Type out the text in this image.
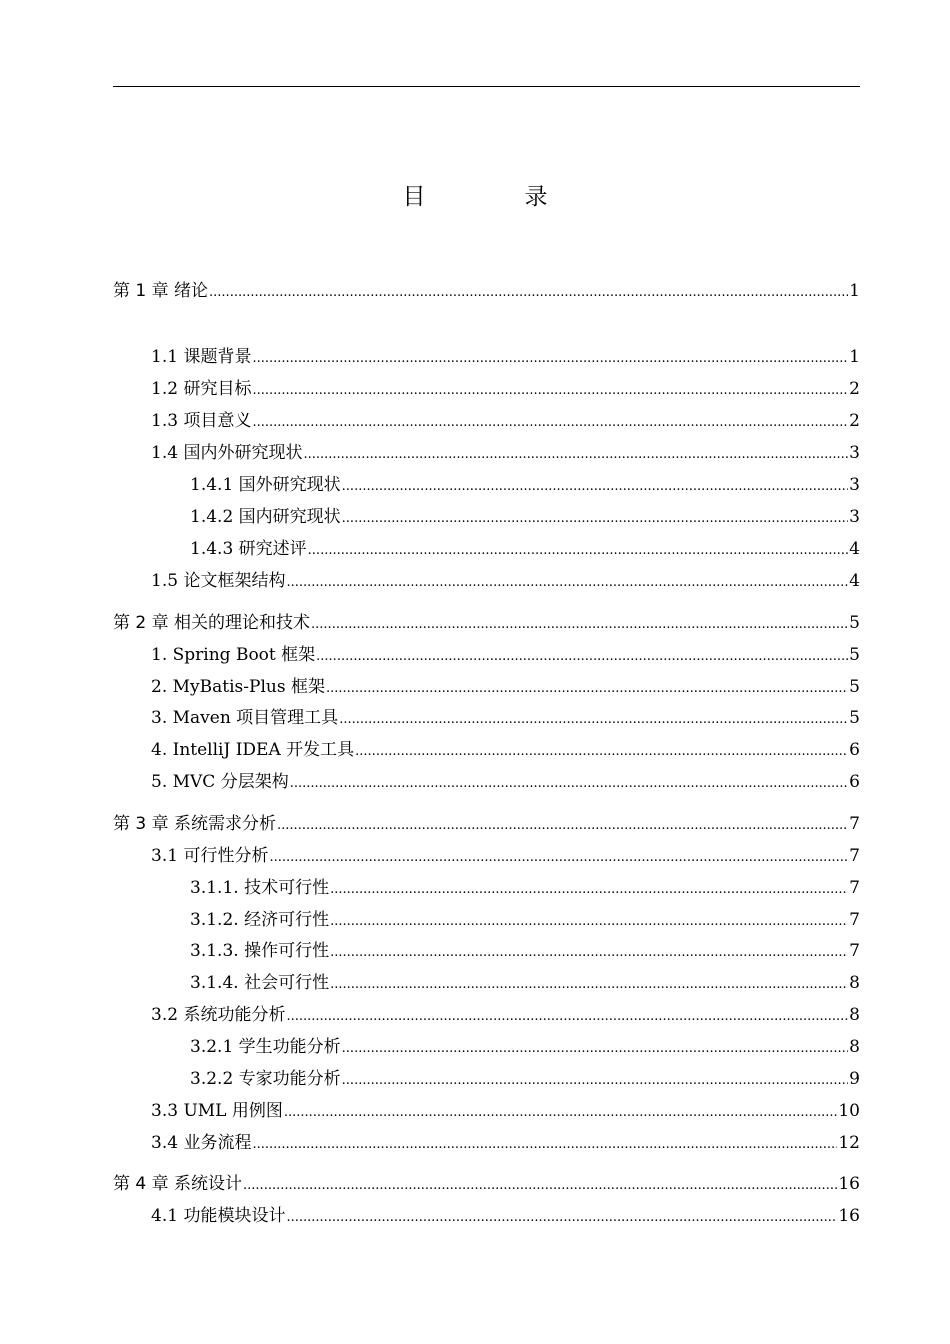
目　录
第 1 章 绪论 .....	1
1.1 课题背景 .....	1
1.2 研究目标 .....	2
1.3 项目意义 .....	2
1.4 国内外研究现状 .....	3
1.4.1 国外研究现状 .....	3
1.4.2 国内研究现状 .....	3
1.4.3 研究述评 .....	4
1.5 论文框架结构 .....	4
第 2 章 相关的理论和技术 .....	5
1. Spring Boot 框架 .....	5
2. MyBatis-Plus 框架 .....	5
3. Maven 项目管理工具 .....	5
4. IntelliJ IDEA 开发工具 .....	6
5. MVC 分层架构 .....	6
第 3 章 系统需求分析 .....	7
3.1 可行性分析 .....	7
3.1.1. 技术可行性 .....	7
3.1.2. 经济可行性 .....	7
3.1.3. 操作可行性 .....	7
3.1.4. 社会可行性 .....	8
3.2 系统功能分析 .....	8
3.2.1 学生功能分析 .....	8
3.2.2 专家功能分析 .....	9
3.3 UML 用例图 .....	10
3.4 业务流程 .....	12
第 4 章 系统设计 .....	16
4.1 功能模块设计 .....	16
